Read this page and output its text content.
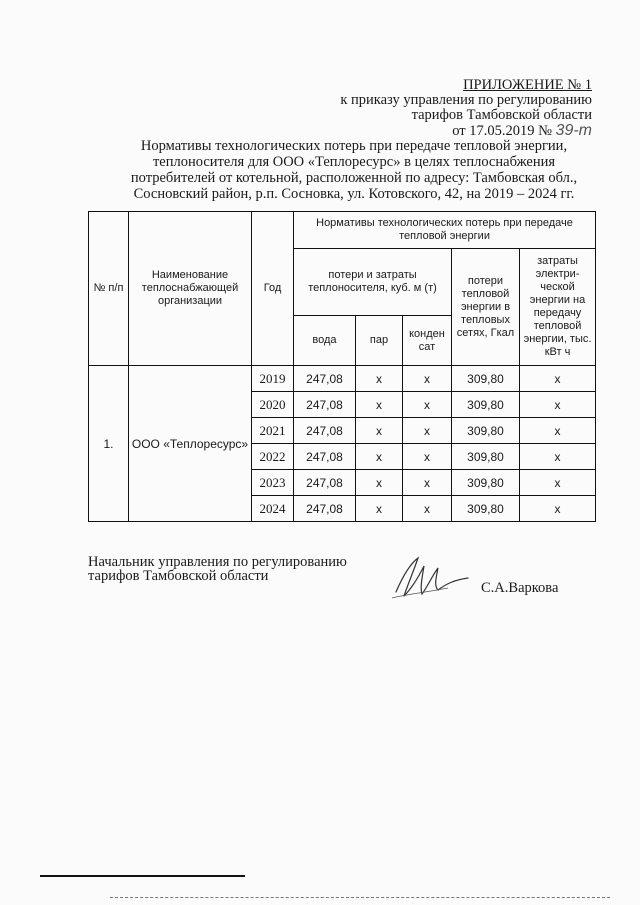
ПРИЛОЖЕНИЕ № 1
к приказу управления по регулированию
тарифов Тамбовской области
от 17.05.2019 № 39-т
Нормативы технологических потерь при передаче тепловой энергии,
теплоносителя для ООО «Теплоресурс» в целях теплоснабжения
потребителей от котельной, расположенной по адресу: Тамбовская обл.,
Сосновский район, р.п. Сосновка, ул. Котовского, 42, на 2019 – 2024 гг.
№ п/п	Наименование теплоснабжающей организации	Год	Нормативы технологических потерь при передаче тепловой энергии				
			потери и затраты теплоносителя, куб. м (т)			потери тепловой энергии в тепловых сетях, Гкал	затраты электри-ческой энергии на передачу тепловой энергии, тыс. кВт ч
			вода	пар	конден сат		
1.	ООО «Теплоресурс»	2019	247,08	х	х	309,80	х
		2020	247,08	х	х	309,80	х
		2021	247,08	х	х	309,80	х
		2022	247,08	х	х	309,80	х
		2023	247,08	х	х	309,80	х
		2024	247,08	х	х	309,80	х
Начальник управления по регулированию
тарифов Тамбовской области
С.А.Варкова
